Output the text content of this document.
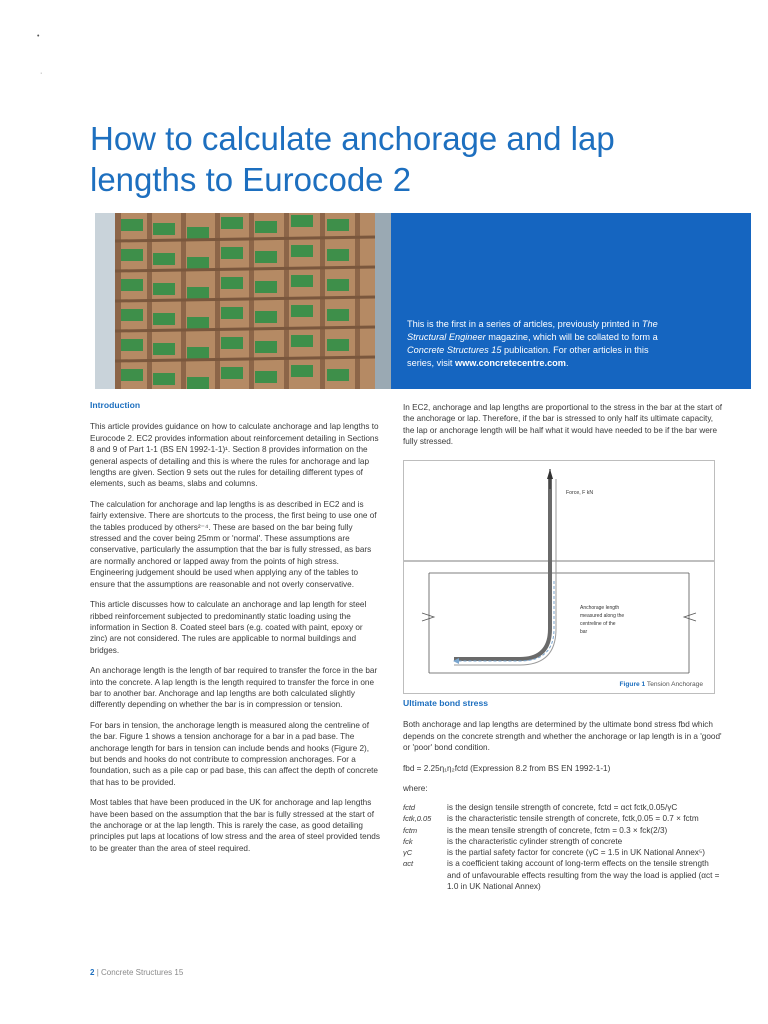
•
·
How to calculate anchorage and lap lengths to Eurocode 2
This is the first in a series of articles, previously printed in The Structural Engineer magazine, which will be collated to form a Concrete Structures 15 publication. For other articles in this series, visit www.concretecentre.com.
Introduction

This article provides guidance on how to calculate anchorage and lap lengths to Eurocode 2. EC2 provides information about reinforcement detailing in Sections 8 and 9 of Part 1-1 (BS EN 1992-1-1)¹. Section 8 provides information on the general aspects of detailing and this is where the rules for anchorage and lap lengths are given. Section 9 sets out the rules for detailing different types of elements, such as beams, slabs and columns.

The calculation for anchorage and lap lengths is as described in EC2 and is fairly extensive. There are shortcuts to the process, the first being to use one of the tables produced by others²⁻⁴. These are based on the bar being fully stressed and the cover being 25mm or 'normal'. These assumptions are conservative, particularly the assumption that the bar is fully stressed, as bars are normally anchored or lapped away from the points of high stress. Engineering judgement should be used when applying any of the tables to ensure that the assumptions are reasonable and not overly conservative.

This article discusses how to calculate an anchorage and lap length for steel ribbed reinforcement subjected to predominantly static loading using the information in Section 8. Coated steel bars (e.g. coated with paint, epoxy or zinc) are not considered. The rules are applicable to normal buildings and bridges.

An anchorage length is the length of bar required to transfer the force in the bar into the concrete. A lap length is the length required to transfer the force in one bar to another bar. Anchorage and lap lengths are both calculated slightly differently depending on whether the bar is in compression or tension.

For bars in tension, the anchorage length is measured along the centreline of the bar. Figure 1 shows a tension anchorage for a bar in a pad base. The anchorage length for bars in tension can include bends and hooks (Figure 2), but bends and hooks do not contribute to compression anchorages. For a foundation, such as a pile cap or pad base, this can affect the depth of concrete that has to be provided.

Most tables that have been produced in the UK for anchorage and lap lengths have been based on the assumption that the bar is fully stressed at the start of the anchorage or at the lap length. This is rarely the case, as good detailing principles put laps at locations of low stress and the area of steel provided tends to be greater than the area of steel required.

In EC2, anchorage and lap lengths are proportional to the stress in the bar at the start of the anchorage or lap. Therefore, if the bar is stressed to only half its ultimate capacity, the lap or anchorage length will be half what it would have needed to be if the bar were fully stressed.

Force, F kN
Anchorage length
measured along the
centreline of the
bar
Figure 1 Tension Anchorage
Ultimate bond stress

Both anchorage and lap lengths are determined by the ultimate bond stress fbd which depends on the concrete strength and whether the anchorage or lap length is in a 'good' or 'poor' bond condition.

fbd = 2.25η₁η₂fctd (Expression 8.2 from BS EN 1992-1-1)

where:

fctd	is the design tensile strength of concrete, fctd = αct fctk,0.05/γC
fctk,0.05	is the characteristic tensile strength of concrete, fctk,0.05 = 0.7 × fctm
fctm	is the mean tensile strength of concrete, fctm = 0.3 × fck(2/3)
fck	is the characteristic cylinder strength of concrete
γC	is the partial safety factor for concrete (γC = 1.5 in UK National Annex⁵)
αct	is a coefficient taking account of long-term effects on the tensile strength and of unfavourable effects resulting from the way the load is applied (αct = 1.0 in UK National Annex)
2 | Concrete Structures 15
